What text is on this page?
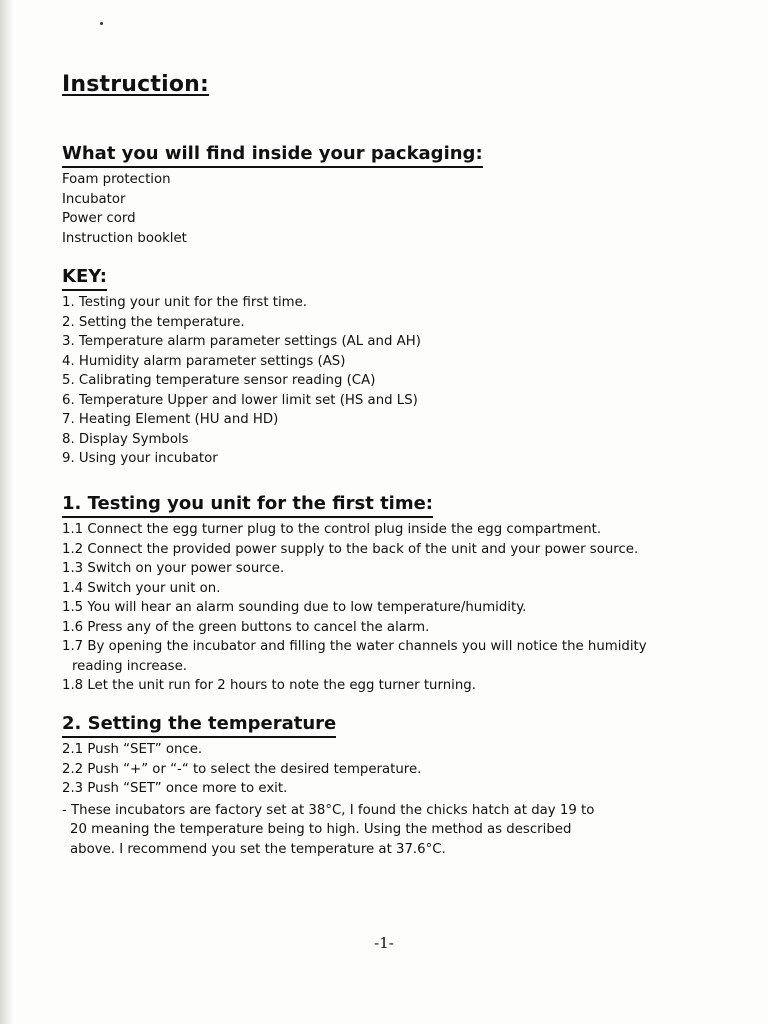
Instruction:
What you will find inside your packaging:
Foam protection
Incubator
Power cord
Instruction booklet
KEY:
1. Testing your unit for the first time.
2. Setting the temperature.
3. Temperature alarm parameter settings (AL and AH)
4. Humidity alarm parameter settings (AS)
5. Calibrating temperature sensor reading (CA)
6. Temperature Upper and lower limit set (HS and LS)
7. Heating Element (HU and HD)
8. Display Symbols
9. Using your incubator
1. Testing you unit for the first time:
1.1 Connect the egg turner plug to the control plug inside the egg compartment.
1.2 Connect the provided power supply to the back of the unit and your power source.
1.3 Switch on your power source.
1.4 Switch your unit on.
1.5 You will hear an alarm sounding due to low temperature/humidity.
1.6 Press any of the green buttons to cancel the alarm.
1.7 By opening the incubator and filling the water channels you will notice the humidity
reading increase.
1.8 Let the unit run for 2 hours to note the egg turner turning.
2. Setting the temperature
2.1 Push “SET” once.
2.2 Push “+” or “-“ to select the desired temperature.
2.3 Push “SET” once more to exit.

- These incubators are factory set at 38°C, I found the chicks hatch at day 19 to
20 meaning the temperature being to high. Using the method as described
above. I recommend you set the temperature at 37.6°C.

-1-
